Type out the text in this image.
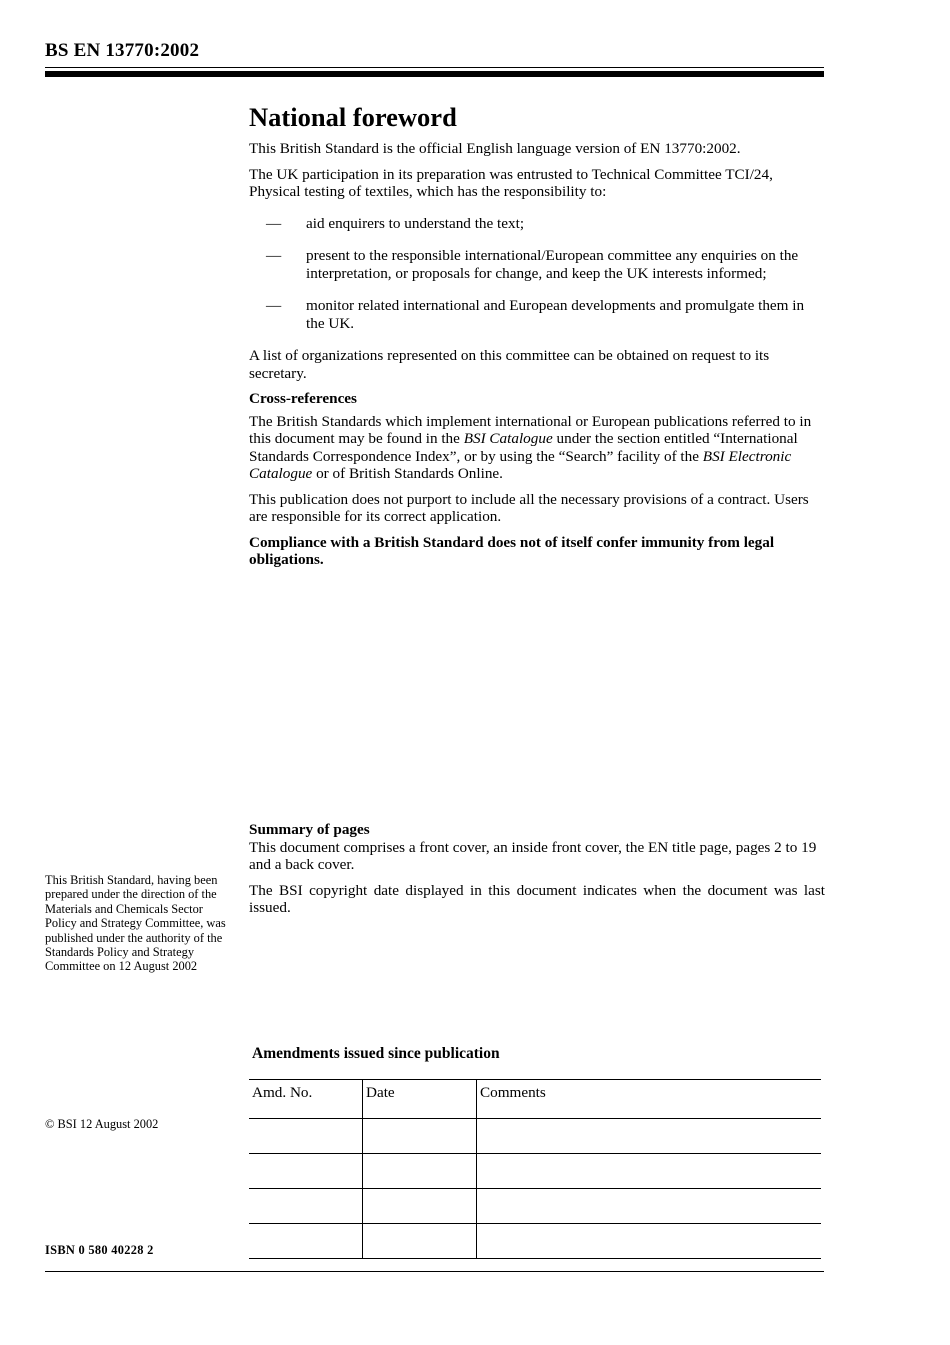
BS EN 13770:2002
National foreword

This British Standard is the official English language version of EN 13770:2002.

The UK participation in its preparation was entrusted to Technical Committee TCI/24, Physical testing of textiles, which has the responsibility to:

— aid enquirers to understand the text;
— present to the responsible international/European committee any enquiries on the interpretation, or proposals for change, and keep the UK interests informed;
— monitor related international and European developments and promulgate them in the UK.

A list of organizations represented on this committee can be obtained on request to its secretary.

Cross-references

The British Standards which implement international or European publications referred to in this document may be found in the BSI Catalogue under the section entitled “International Standards Correspondence Index”, or by using the “Search” facility of the BSI Electronic Catalogue or of British Standards Online.

This publication does not purport to include all the necessary provisions of a contract. Users are responsible for its correct application.

Compliance with a British Standard does not of itself confer immunity from legal obligations.

Summary of pages

This document comprises a front cover, an inside front cover, the EN title page, pages 2 to 19 and a back cover.

The BSI copyright date displayed in this document indicates when the document was last issued.

This British Standard, having been prepared under the direction of the Materials and Chemicals Sector Policy and Strategy Committee, was published under the authority of the Standards Policy and Strategy Committee on 12 August 2002
© BSI 12 August 2002
ISBN 0 580 40228 2
Amendments issued since publication
Amd. No.	Date	Comments
